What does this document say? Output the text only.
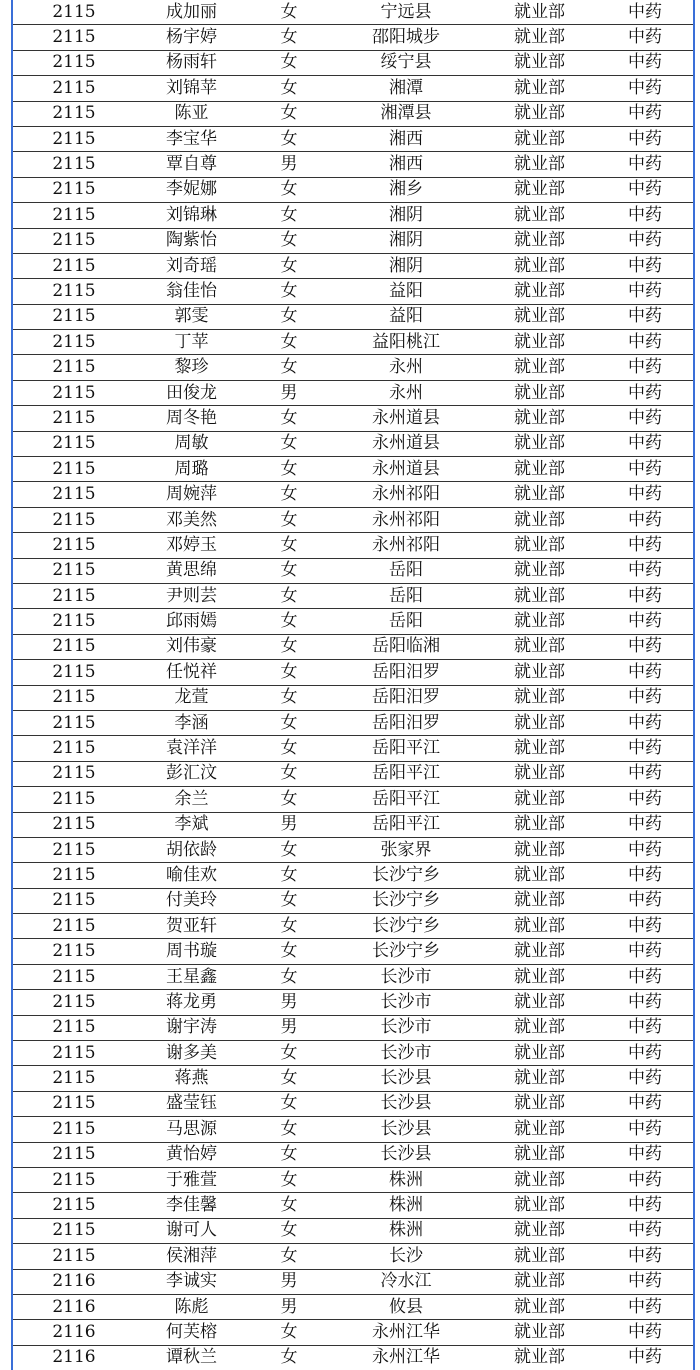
2115	成加丽	女	宁远县	就业部	中药
2115	杨宇婷	女	邵阳城步	就业部	中药
2115	杨雨轩	女	绥宁县	就业部	中药
2115	刘锦苹	女	湘潭	就业部	中药
2115	陈亚	女	湘潭县	就业部	中药
2115	李宝华	女	湘西	就业部	中药
2115	覃自尊	男	湘西	就业部	中药
2115	李妮娜	女	湘乡	就业部	中药
2115	刘锦琳	女	湘阴	就业部	中药
2115	陶紫怡	女	湘阴	就业部	中药
2115	刘奇瑶	女	湘阴	就业部	中药
2115	翁佳怡	女	益阳	就业部	中药
2115	郭雯	女	益阳	就业部	中药
2115	丁苹	女	益阳桃江	就业部	中药
2115	黎珍	女	永州	就业部	中药
2115	田俊龙	男	永州	就业部	中药
2115	周冬艳	女	永州道县	就业部	中药
2115	周敏	女	永州道县	就业部	中药
2115	周璐	女	永州道县	就业部	中药
2115	周婉萍	女	永州祁阳	就业部	中药
2115	邓美然	女	永州祁阳	就业部	中药
2115	邓婷玉	女	永州祁阳	就业部	中药
2115	黄思绵	女	岳阳	就业部	中药
2115	尹则芸	女	岳阳	就业部	中药
2115	邱雨嫣	女	岳阳	就业部	中药
2115	刘伟豪	女	岳阳临湘	就业部	中药
2115	任悦祥	女	岳阳汨罗	就业部	中药
2115	龙萱	女	岳阳汨罗	就业部	中药
2115	李涵	女	岳阳汨罗	就业部	中药
2115	袁洋洋	女	岳阳平江	就业部	中药
2115	彭汇汶	女	岳阳平江	就业部	中药
2115	余兰	女	岳阳平江	就业部	中药
2115	李斌	男	岳阳平江	就业部	中药
2115	胡依龄	女	张家界	就业部	中药
2115	喻佳欢	女	长沙宁乡	就业部	中药
2115	付美玲	女	长沙宁乡	就业部	中药
2115	贺亚轩	女	长沙宁乡	就业部	中药
2115	周书璇	女	长沙宁乡	就业部	中药
2115	王星鑫	女	长沙市	就业部	中药
2115	蒋龙勇	男	长沙市	就业部	中药
2115	谢宇涛	男	长沙市	就业部	中药
2115	谢多美	女	长沙市	就业部	中药
2115	蒋燕	女	长沙县	就业部	中药
2115	盛莹钰	女	长沙县	就业部	中药
2115	马思源	女	长沙县	就业部	中药
2115	黄怡婷	女	长沙县	就业部	中药
2115	于雅萱	女	株洲	就业部	中药
2115	李佳馨	女	株洲	就业部	中药
2115	谢可人	女	株洲	就业部	中药
2115	侯湘萍	女	长沙	就业部	中药
2116	李诚实	男	冷水江	就业部	中药
2116	陈彪	男	攸县	就业部	中药
2116	何芙榕	女	永州江华	就业部	中药
2116	谭秋兰	女	永州江华	就业部	中药
